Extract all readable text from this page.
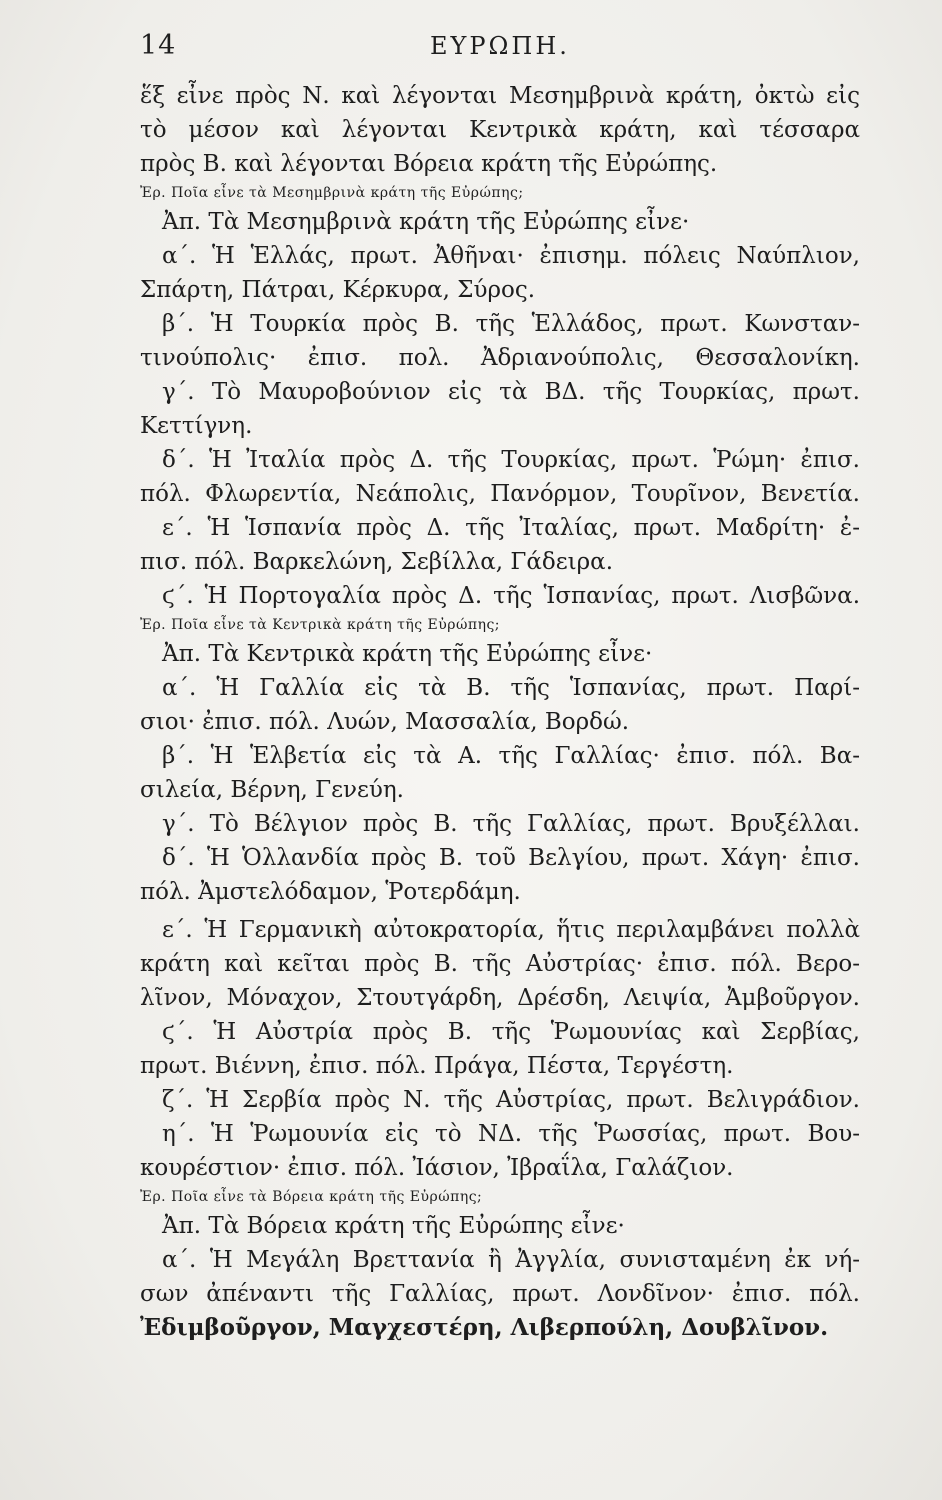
14	ΕΥΡΩΠΗ.
ἕξ εἶνε πρὸς Ν. καὶ λέγονται Μεσημβρινὰ κράτη, ὀκτὼ εἰς
τὸ μέσον καὶ λέγονται Κεντρικὰ κράτη, καὶ τέσσαρα
πρὸς Β. καὶ λέγονται Βόρεια κράτη τῆς Εὐρώπης.
Ἐρ. Ποῖα εἶνε τὰ Μεσημβρινὰ κράτη τῆς Εὐρώπης;
Ἀπ. Τὰ Μεσημβρινὰ κράτη τῆς Εὐρώπης εἶνε·
α΄. Ἡ Ἑλλάς, πρωτ. Ἀθῆναι· ἐπισημ. πόλεις Ναύπλιον,
Σπάρτη, Πάτραι, Κέρκυρα, Σύρος.
β΄. Ἡ Τουρκία πρὸς Β. τῆς Ἑλλάδος, πρωτ. Κωνσταν-
τινούπολις· ἐπισ. πολ. Ἀδριανούπολις, Θεσσαλονίκη.
γ΄. Τὸ Μαυροβούνιον εἰς τὰ ΒΔ. τῆς Τουρκίας, πρωτ.
Κεττίγνη.
δ΄. Ἡ Ἰταλία πρὸς Δ. τῆς Τουρκίας, πρωτ. Ῥώμη· ἐπισ.
πόλ. Φλωρεντία, Νεάπολις, Πανόρμον, Τουρῖνον, Βενετία.
ε΄. Ἡ Ἱσπανία πρὸς Δ. τῆς Ἰταλίας, πρωτ. Μαδρίτη· ἐ-
πισ. πόλ. Βαρκελώνη, Σεβίλλα, Γάδειρα.
ϛ΄. Ἡ Πορτογαλία πρὸς Δ. τῆς Ἱσπανίας, πρωτ. Λισβῶνα.
Ἐρ. Ποῖα εἶνε τὰ Κεντρικὰ κράτη τῆς Εὐρώπης;
Ἀπ. Τὰ Κεντρικὰ κράτη τῆς Εὐρώπης εἶνε·
α΄. Ἡ Γαλλία εἰς τὰ Β. τῆς Ἱσπανίας, πρωτ. Παρί-
σιοι· ἐπισ. πόλ. Λυών, Μασσαλία, Βορδώ.
β΄. Ἡ Ἑλβετία εἰς τὰ Α. τῆς Γαλλίας· ἐπισ. πόλ. Βα-
σιλεία, Βέρνη, Γενεύη.
γ΄. Τὸ Βέλγιον πρὸς Β. τῆς Γαλλίας, πρωτ. Βρυξέλλαι.
δ΄. Ἡ Ὁλλανδία πρὸς Β. τοῦ Βελγίου, πρωτ. Χάγη· ἐπισ.
πόλ. Ἀμστελόδαμον, Ῥοτερδάμη.
ε΄. Ἡ Γερμανικὴ αὐτοκρατορία, ἥτις περιλαμβάνει πολλὰ
κράτη καὶ κεῖται πρὸς Β. τῆς Αὐστρίας· ἐπισ. πόλ. Βερο-
λῖνον, Μόναχον, Στουτγάρδη, Δρέσδη, Λειψία, Ἀμβοῦργον.
ϛ΄. Ἡ Αὐστρία πρὸς Β. τῆς Ῥωμουνίας καὶ Σερβίας,
πρωτ. Βιέννη, ἐπισ. πόλ. Πράγα, Πέστα, Τεργέστη.
ζ΄. Ἡ Σερβία πρὸς Ν. τῆς Αὐστρίας, πρωτ. Βελιγράδιον.
η΄. Ἡ Ῥωμουνία εἰς τὸ ΝΔ. τῆς Ῥωσσίας, πρωτ. Βου-
κουρέστιον· ἐπισ. πόλ. Ἰάσιον, Ἰβραΐλα, Γαλάζιον.
Ἐρ. Ποῖα εἶνε τὰ Βόρεια κράτη τῆς Εὐρώπης;
Ἀπ. Τὰ Βόρεια κράτη τῆς Εὐρώπης εἶνε·
α΄. Ἡ Μεγάλη Βρεττανία ἢ Ἀγγλία, συνισταμένη ἐκ νή-
σων ἀπέναντι τῆς Γαλλίας, πρωτ. Λονδῖνον· ἐπισ. πόλ.
Ἐδιμβοῦργον, Μαγχεστέρη, Λιβερπούλη, Δουβλῖνον.
